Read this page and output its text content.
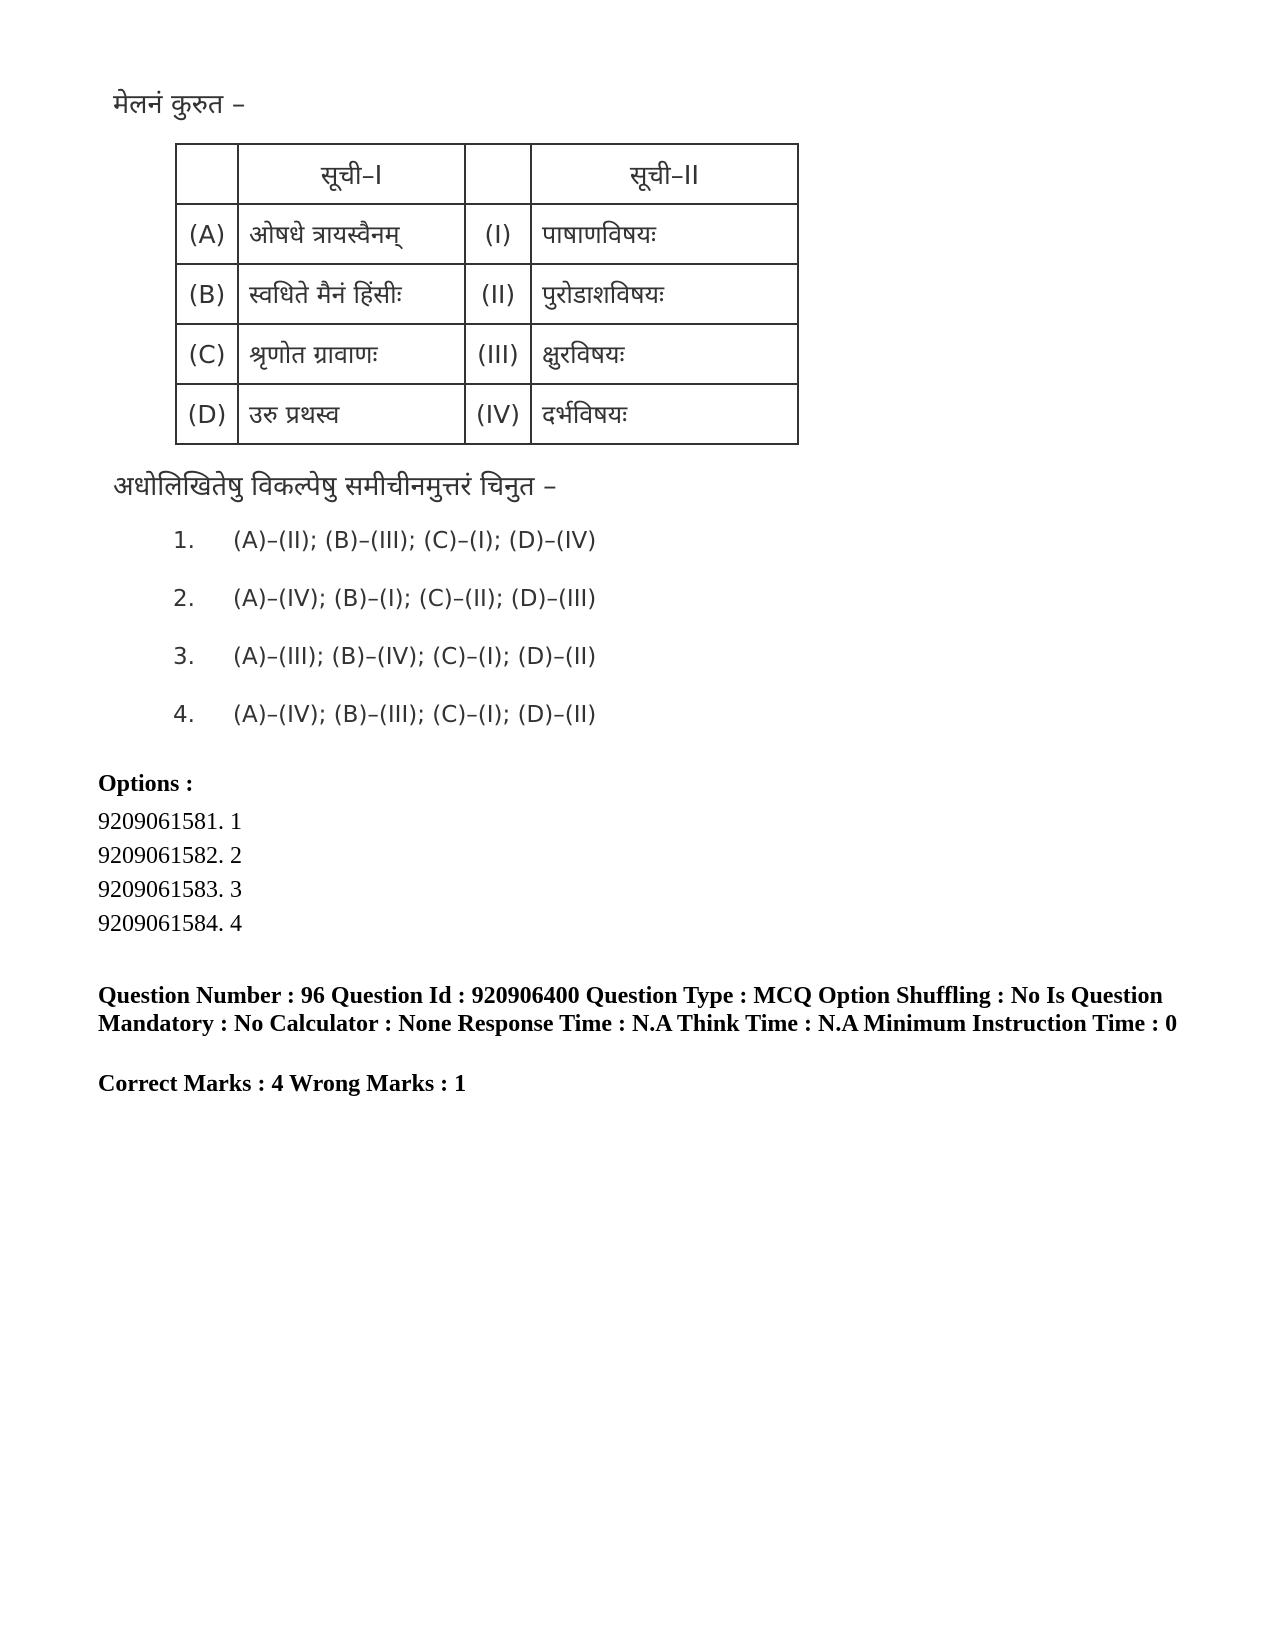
मेलनं कुरुत –
	सूची–I		सूची–II
(A)	ओषधे त्रायस्वैनम्	(I)	पाषाणविषयः
(B)	स्वधिते मैनं हिंसीः	(II)	पुरोडाशविषयः
(C)	श्रृणोत ग्रावाणः	(III)	क्षुरविषयः
(D)	उरु प्रथस्व	(IV)	दर्भविषयः
अधोलिखितेषु विकल्पेषु समीचीनमुत्तरं चिनुत –
1.	(A)–(II); (B)–(III); (C)–(I); (D)–(IV)
2.	(A)–(IV); (B)–(I); (C)–(II); (D)–(III)
3.	(A)–(III); (B)–(IV); (C)–(I); (D)–(II)
4.	(A)–(IV); (B)–(III); (C)–(I); (D)–(II)
Options :
9209061581. 1
9209061582. 2
9209061583. 3
9209061584. 4
Question Number : 96 Question Id : 920906400 Question Type : MCQ Option Shuffling : No Is Question Mandatory : No Calculator : None Response Time : N.A Think Time : N.A Minimum Instruction Time : 0
Correct Marks : 4 Wrong Marks : 1
